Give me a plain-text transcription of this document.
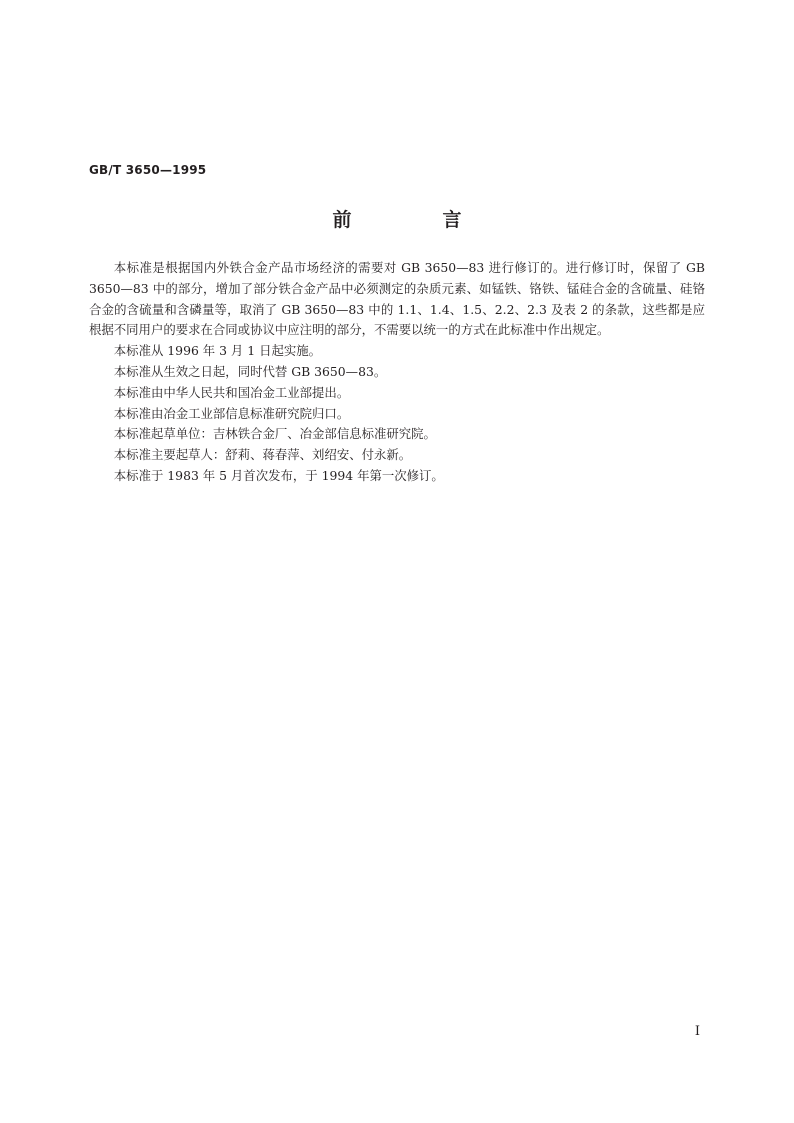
GB/T 3650—1995
前　言

本标准是根据国内外铁合金产品市场经济的需要对 GB 3650—83 进行修订的。进行修订时，保留了 GB 3650—83 中的部分，增加了部分铁合金产品中必须测定的杂质元素、如锰铁、铬铁、锰硅合金的含硫量、硅铬合金的含硫量和含磷量等，取消了 GB 3650—83 中的 1.1、1.4、1.5、2.2、2.3 及表 2 的条款，这些都是应根据不同用户的要求在合同或协议中应注明的部分，不需要以统一的方式在此标准中作出规定。

本标准从 1996 年 3 月 1 日起实施。

本标准从生效之日起，同时代替 GB 3650—83。

本标准由中华人民共和国冶金工业部提出。

本标准由冶金工业部信息标准研究院归口。

本标准起草单位：吉林铁合金厂、冶金部信息标准研究院。

本标准主要起草人：舒莉、蒋春萍、刘绍安、付永新。

本标准于 1983 年 5 月首次发布，于 1994 年第一次修订。

I
